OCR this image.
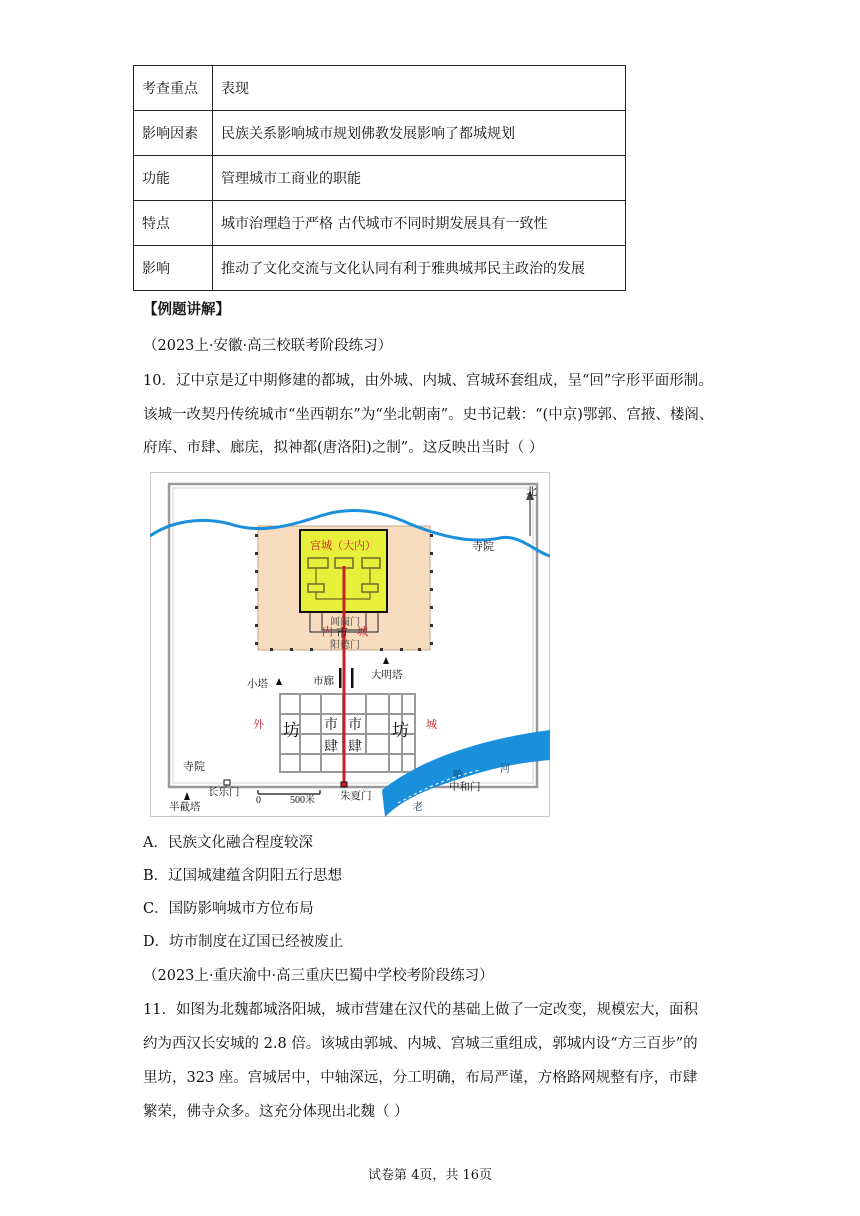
考查重点	表现
影响因素	民族关系影响城市规划佛教发展影响了都城规划
功能	管理城市工商业的职能
特点	城市治理趋于严格 古代城市不同时期发展具有一致性
影响	推动了文化交流与文化认同有利于雅典城邦民主政治的发展
【例题讲解】
（2023上·安徽·高三校联考阶段练习）
10．辽中京是辽中期修建的都城，由外城、内城、宫城环套组成，呈“回”字形平面形制。
该城一改契丹传统城市“坐西朝东”为“坐北朝南”。史书记载：“(中京)鄂郭、宫掖、楼阁、
府库、市肆、廊庑，拟神都(唐洛阳)之制”。这反映出当时（ ）
北
宫城（大内）
阊阖门
内 市 城
阳德门
小塔	市廊
大明塔
寺院
寺院
外	城
坊	坊
市
肆
市
肆
长乐门	朱夏门
中和门
半截塔
0	500米
哈
河
老
A．民族文化融合程度较深
B．辽国城建蕴含阴阳五行思想
C．国防影响城市方位布局
D．坊市制度在辽国已经被废止
（2023上·重庆渝中·高三重庆巴蜀中学校考阶段练习）
11．如图为北魏都城洛阳城，城市营建在汉代的基础上做了一定改变，规模宏大，面积
约为西汉长安城的 2.8 倍。该城由郭城、内城、宫城三重组成，郭城内设“方三百步”的
里坊，323 座。宫城居中，中轴深远，分工明确，布局严谨，方格路网规整有序，市肆
繁荣，佛寺众多。这充分体现出北魏（ ）
试卷第 4页，共 16页
